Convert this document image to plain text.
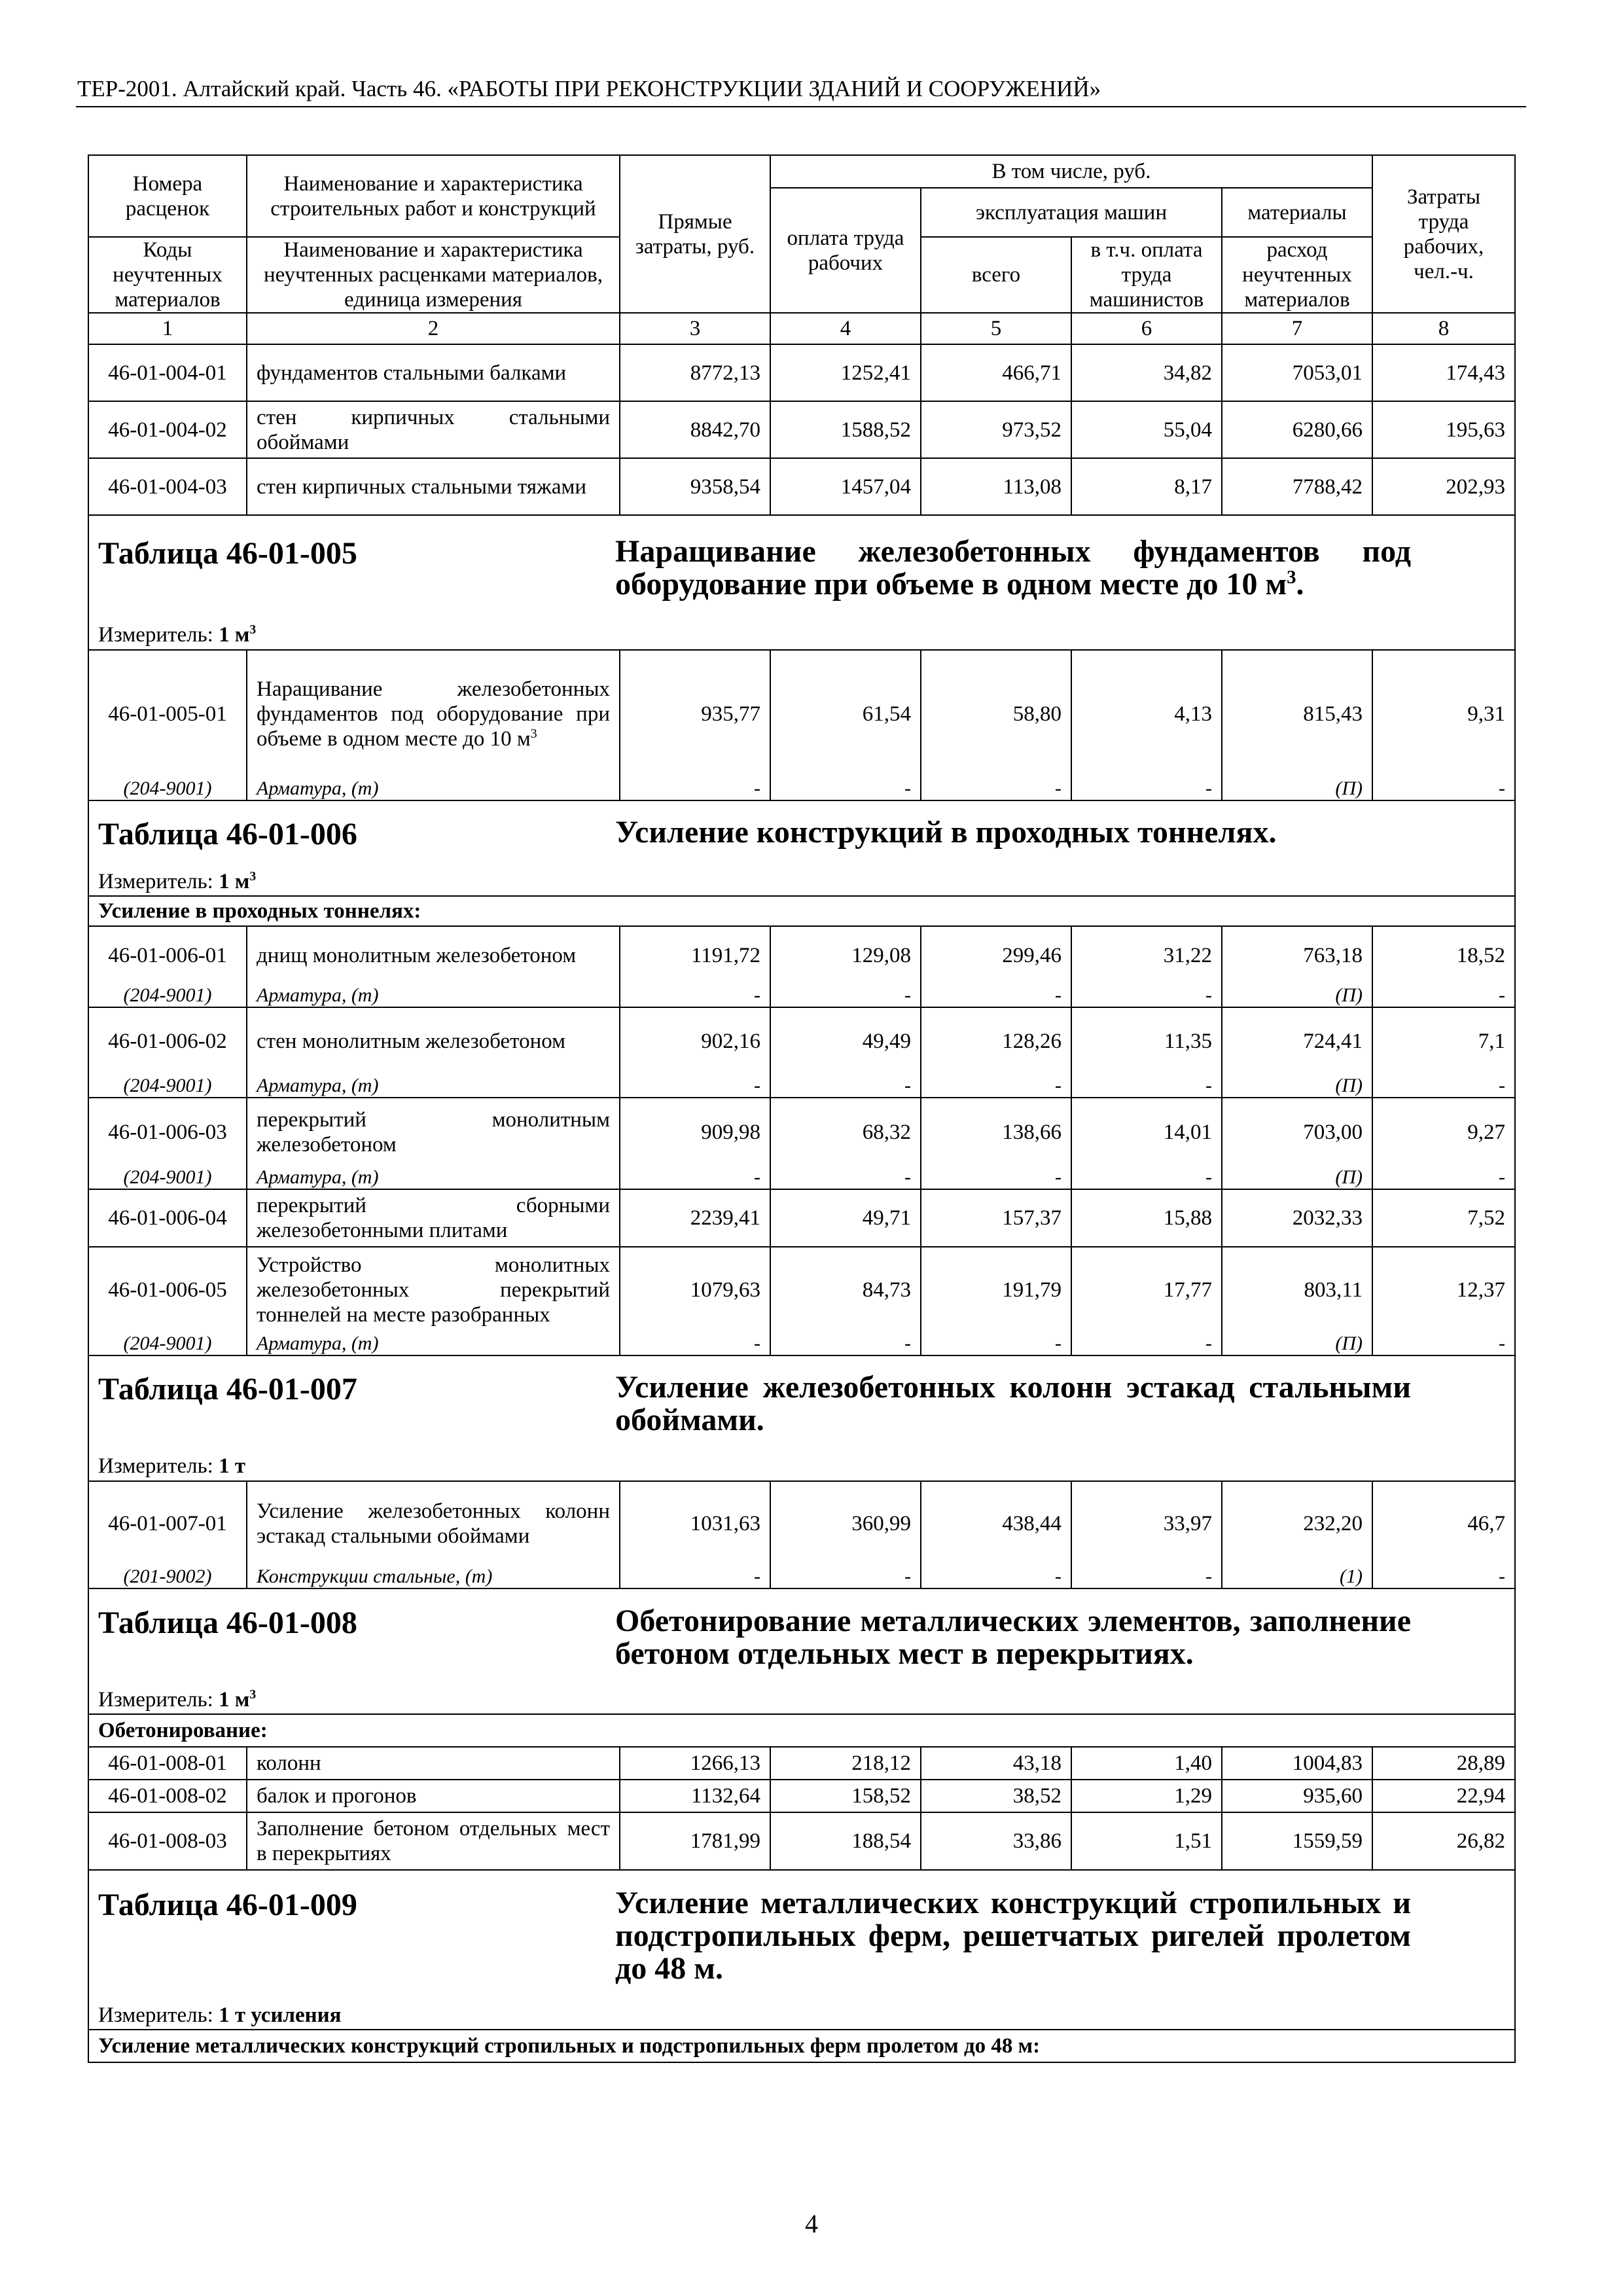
ТЕР-2001. Алтайский край. Часть 46. «РАБОТЫ ПРИ РЕКОНСТРУКЦИИ ЗДАНИЙ И СООРУЖЕНИЙ»
Номера расценок	Наименование и характеристика строительных работ и конструкций	Прямые затраты, руб.	В том числе, руб.				Затраты труда рабочих, чел.-ч.
			оплата труда рабочих	эксплуатация машин		материалы	
Коды неучтенных материалов	Наименование и характеристика неучтенных расценками материалов, единица измерения			всего	в т.ч. оплата труда машинистов	расход неучтенных материалов	

1	2	3	4	5	6	7	8
46-01-004-01	фундаментов стальными балками	8772,13	1252,41	466,71	34,82	7053,01	174,43
46-01-004-02	стен кирпичных стальными обоймами	8842,70	1588,52	973,52	55,04	6280,66	195,63
46-01-004-03	стен кирпичных стальными тяжами	9358,54	1457,04	113,08	8,17	7788,42	202,93

Таблица 46-01-005 Наращивание железобетонных фундаментов под оборудование при объеме в одном месте до 10 $м^3$.							

Измеритель: 1 $м^3$
46-01-005-01	Наращивание железобетонных фундаментов под оборудование при объеме в одном месте до 10 $м^3$	935,77	61,54	58,80	4,13	815,43	9,31
(204-9001)	Арматура, (т)	-	-	-	-	(П)	-

Таблица 46-01-006 Усиление конструкций в проходных тоннелях.							

Измеритель: 1 $м^3$
Усиление в проходных тоннелях:							
46-01-006-01	днищ монолитным железобетоном	1191,72	129,08	299,46	31,22	763,18	18,52
(204-9001)	Арматура, (т)	-	-	-	-	(П)	-
46-01-006-02	стен монолитным железобетоном	902,16	49,49	128,26	11,35	724,41	7,1
(204-9001)	Арматура, (т)	-	-	-	-	(П)	-
46-01-006-03	перекрытий монолитным железобетоном	909,98	68,32	138,66	14,01	703,00	9,27
(204-9001)	Арматура, (т)	-	-	-	-	(П)	-
46-01-006-04	перекрытий сборными железобетонными плитами	2239,41	49,71	157,37	15,88	2032,33	7,52
46-01-006-05	Устройство монолитных железобетонных перекрытий тоннелей на месте разобранных	1079,63	84,73	191,79	17,77	803,11	12,37
(204-9001)	Арматура, (т)	-	-	-	-	(П)	-

Таблица 46-01-007 Усиление железобетонных колонн эстакад стальными обоймами.							

Измеритель: 1 т							
46-01-007-01	Усиление железобетонных колонн эстакад стальными обоймами	1031,63	360,99	438,44	33,97	232,20	46,7
(201-9002)	Конструкции стальные, (т)	-	-	-	-	(1)	-

Таблица 46-01-008 Обетонирование металлических элементов, заполнение бетоном отдельных мест в перекрытиях.							

Измеритель: 1 $м^3$
Обетонирование:							
46-01-008-01	колонн	1266,13	218,12	43,18	1,40	1004,83	28,89
46-01-008-02	балок и прогонов	1132,64	158,52	38,52	1,29	935,60	22,94
46-01-008-03	Заполнение бетоном отдельных мест в перекрытиях	1781,99	188,54	33,86	1,51	1559,59	26,82

Таблица 46-01-009 Усиление металлических конструкций стропильных и подстропильных ферм, решетчатых ригелей пролетом до 48 м.							

Измеритель: 1 т усиления							
Усиление металлических конструкций стропильных и подстропильных ферм пролетом до 48 м:							
4
